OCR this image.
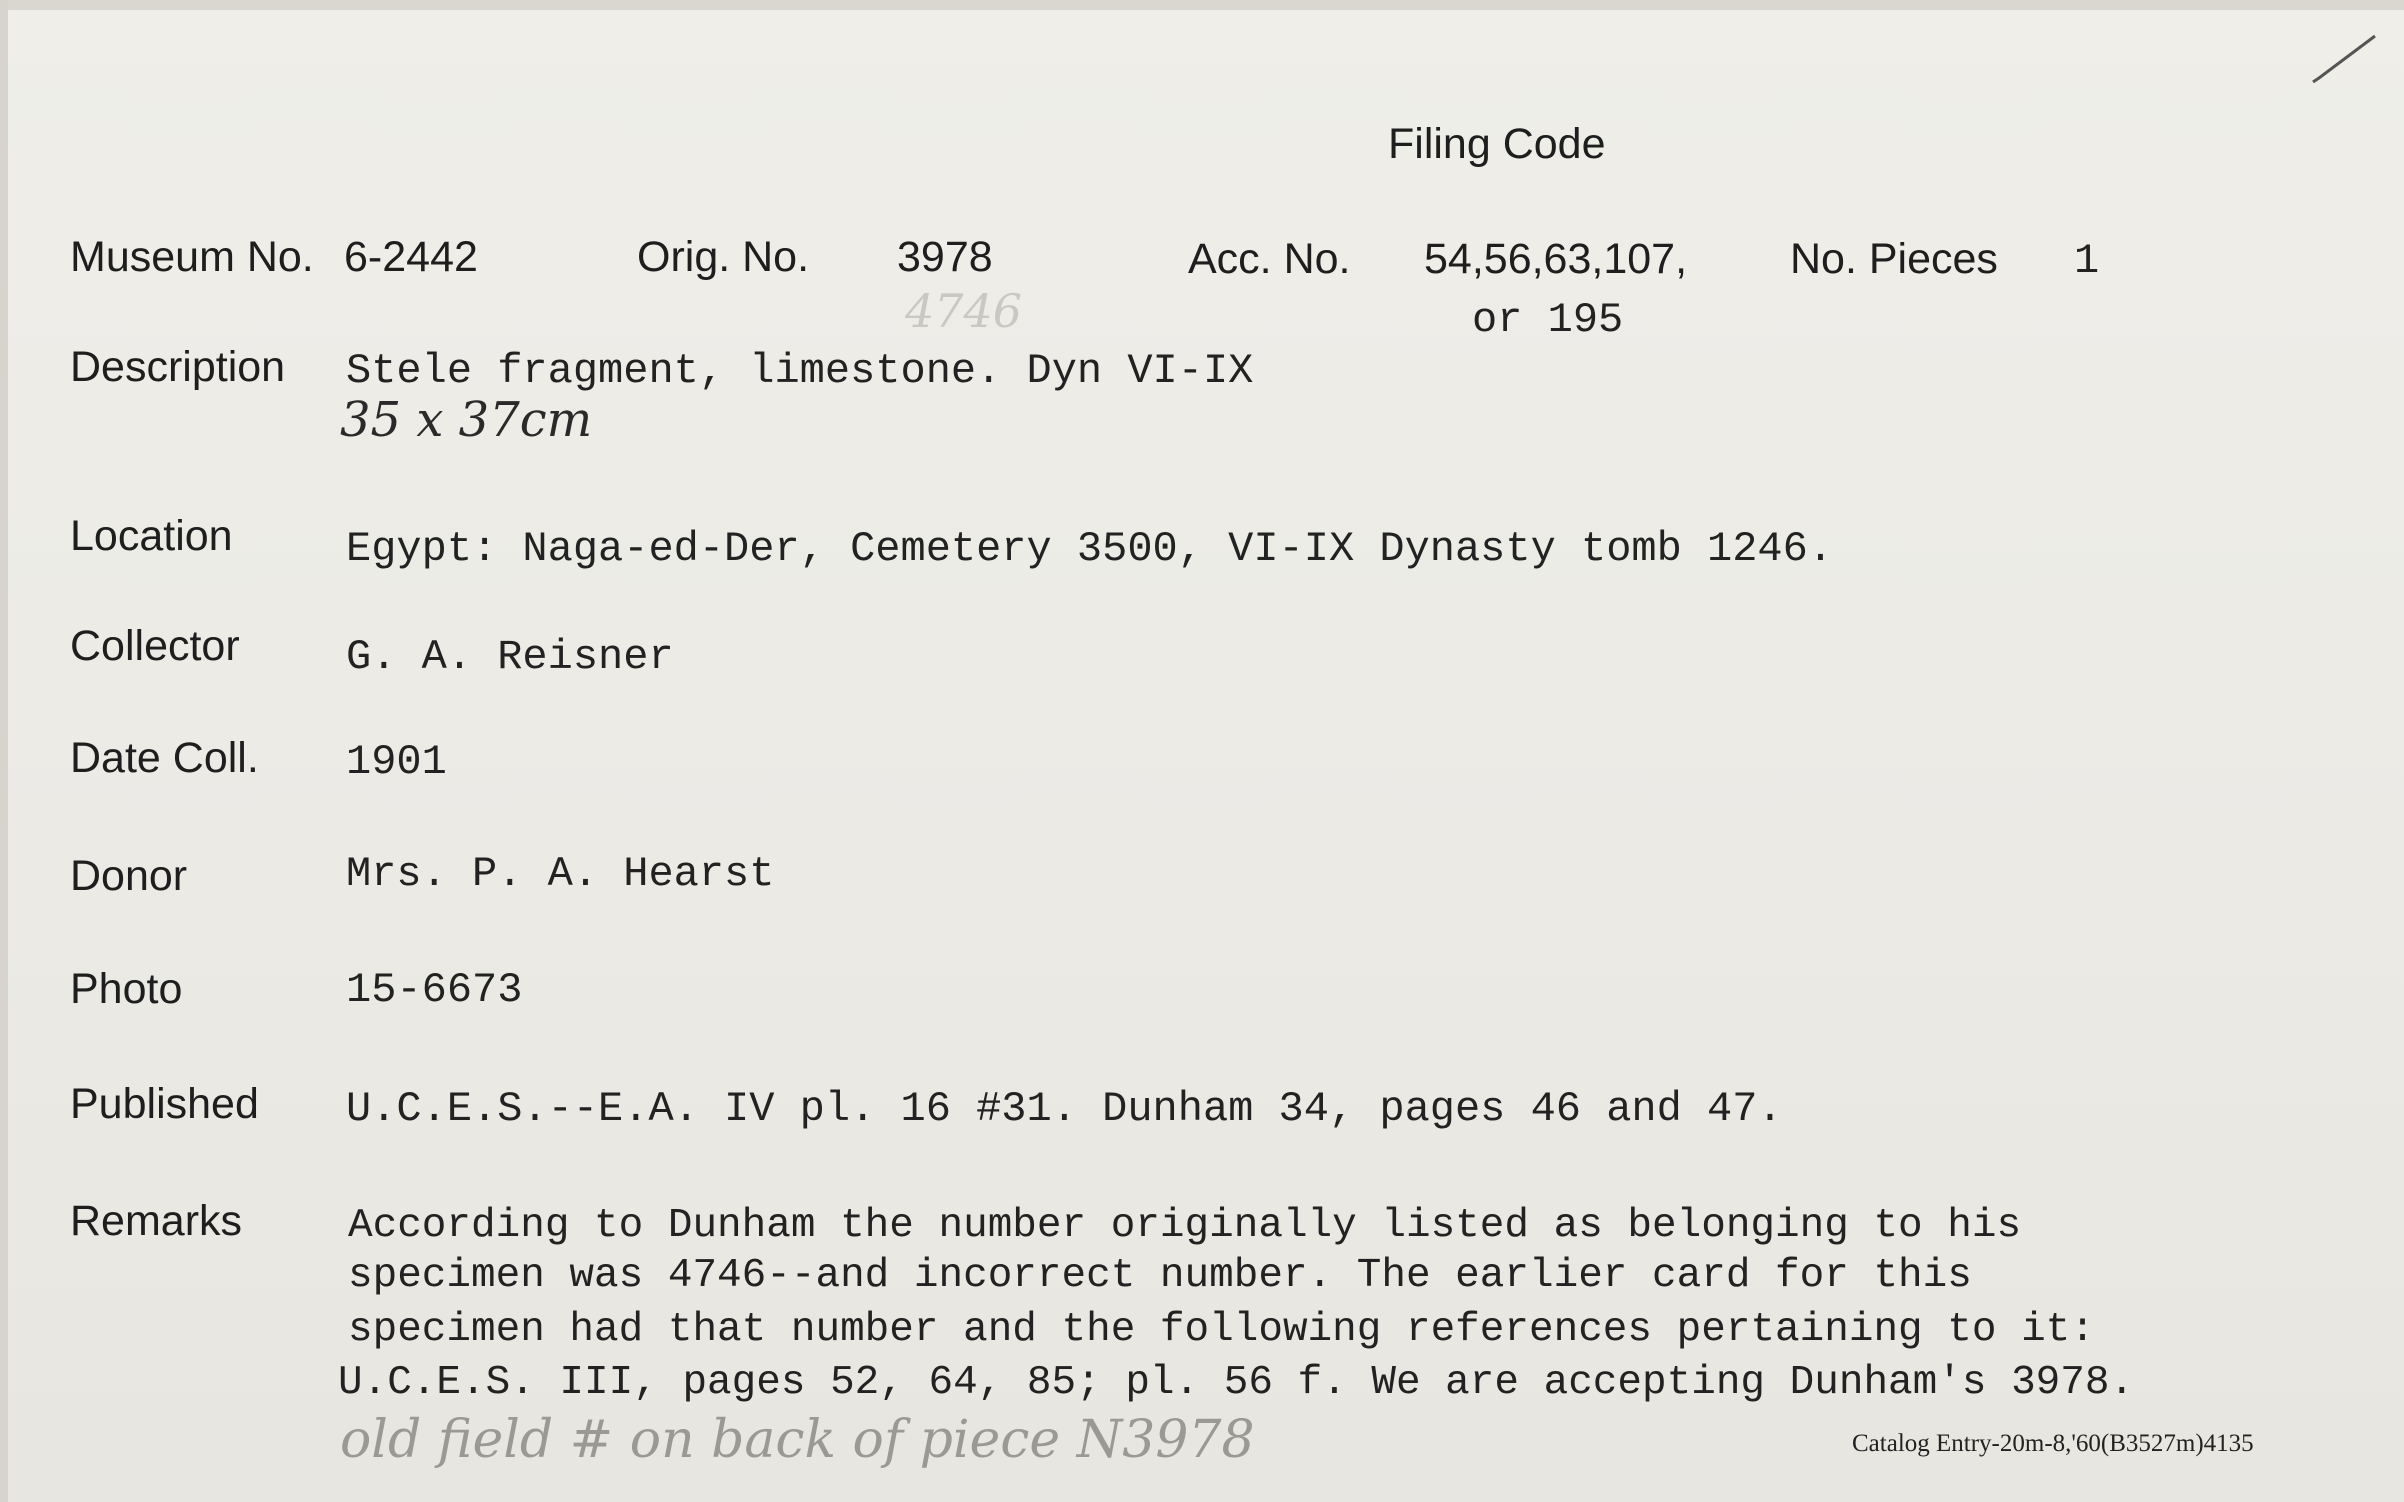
Filing Code
Museum No. 6-2442	Orig. No. 3978
4746
Acc. No. 54,56,63,107,
or 195
No. Pieces 1
Description Stele fragment, limestone. Dyn VI-IX
35 x 37cm
Location	Egypt: Naga-ed-Der, Cemetery 3500, VI-IX Dynasty tomb 1246.
Collector	G. A. Reisner
Date Coll. 1901
Donor	Mrs. P. A. Hearst
Photo	15-6673
Published U.C.E.S.--E.A. IV pl. 16 #31. Dunham 34, pages 46 and 47.
Remarks	According to Dunham the number originally listed as belonging to his
specimen was 4746--and incorrect number. The earlier card for this
specimen had that number and the following references pertaining to it:
U.C.E.S. III, pages 52, 64, 85; pl. 56 f. We are accepting Dunham's 3978.
old field # on back of piece N3978	Catalog Entry-20m-8,'60(B3527m)4135
